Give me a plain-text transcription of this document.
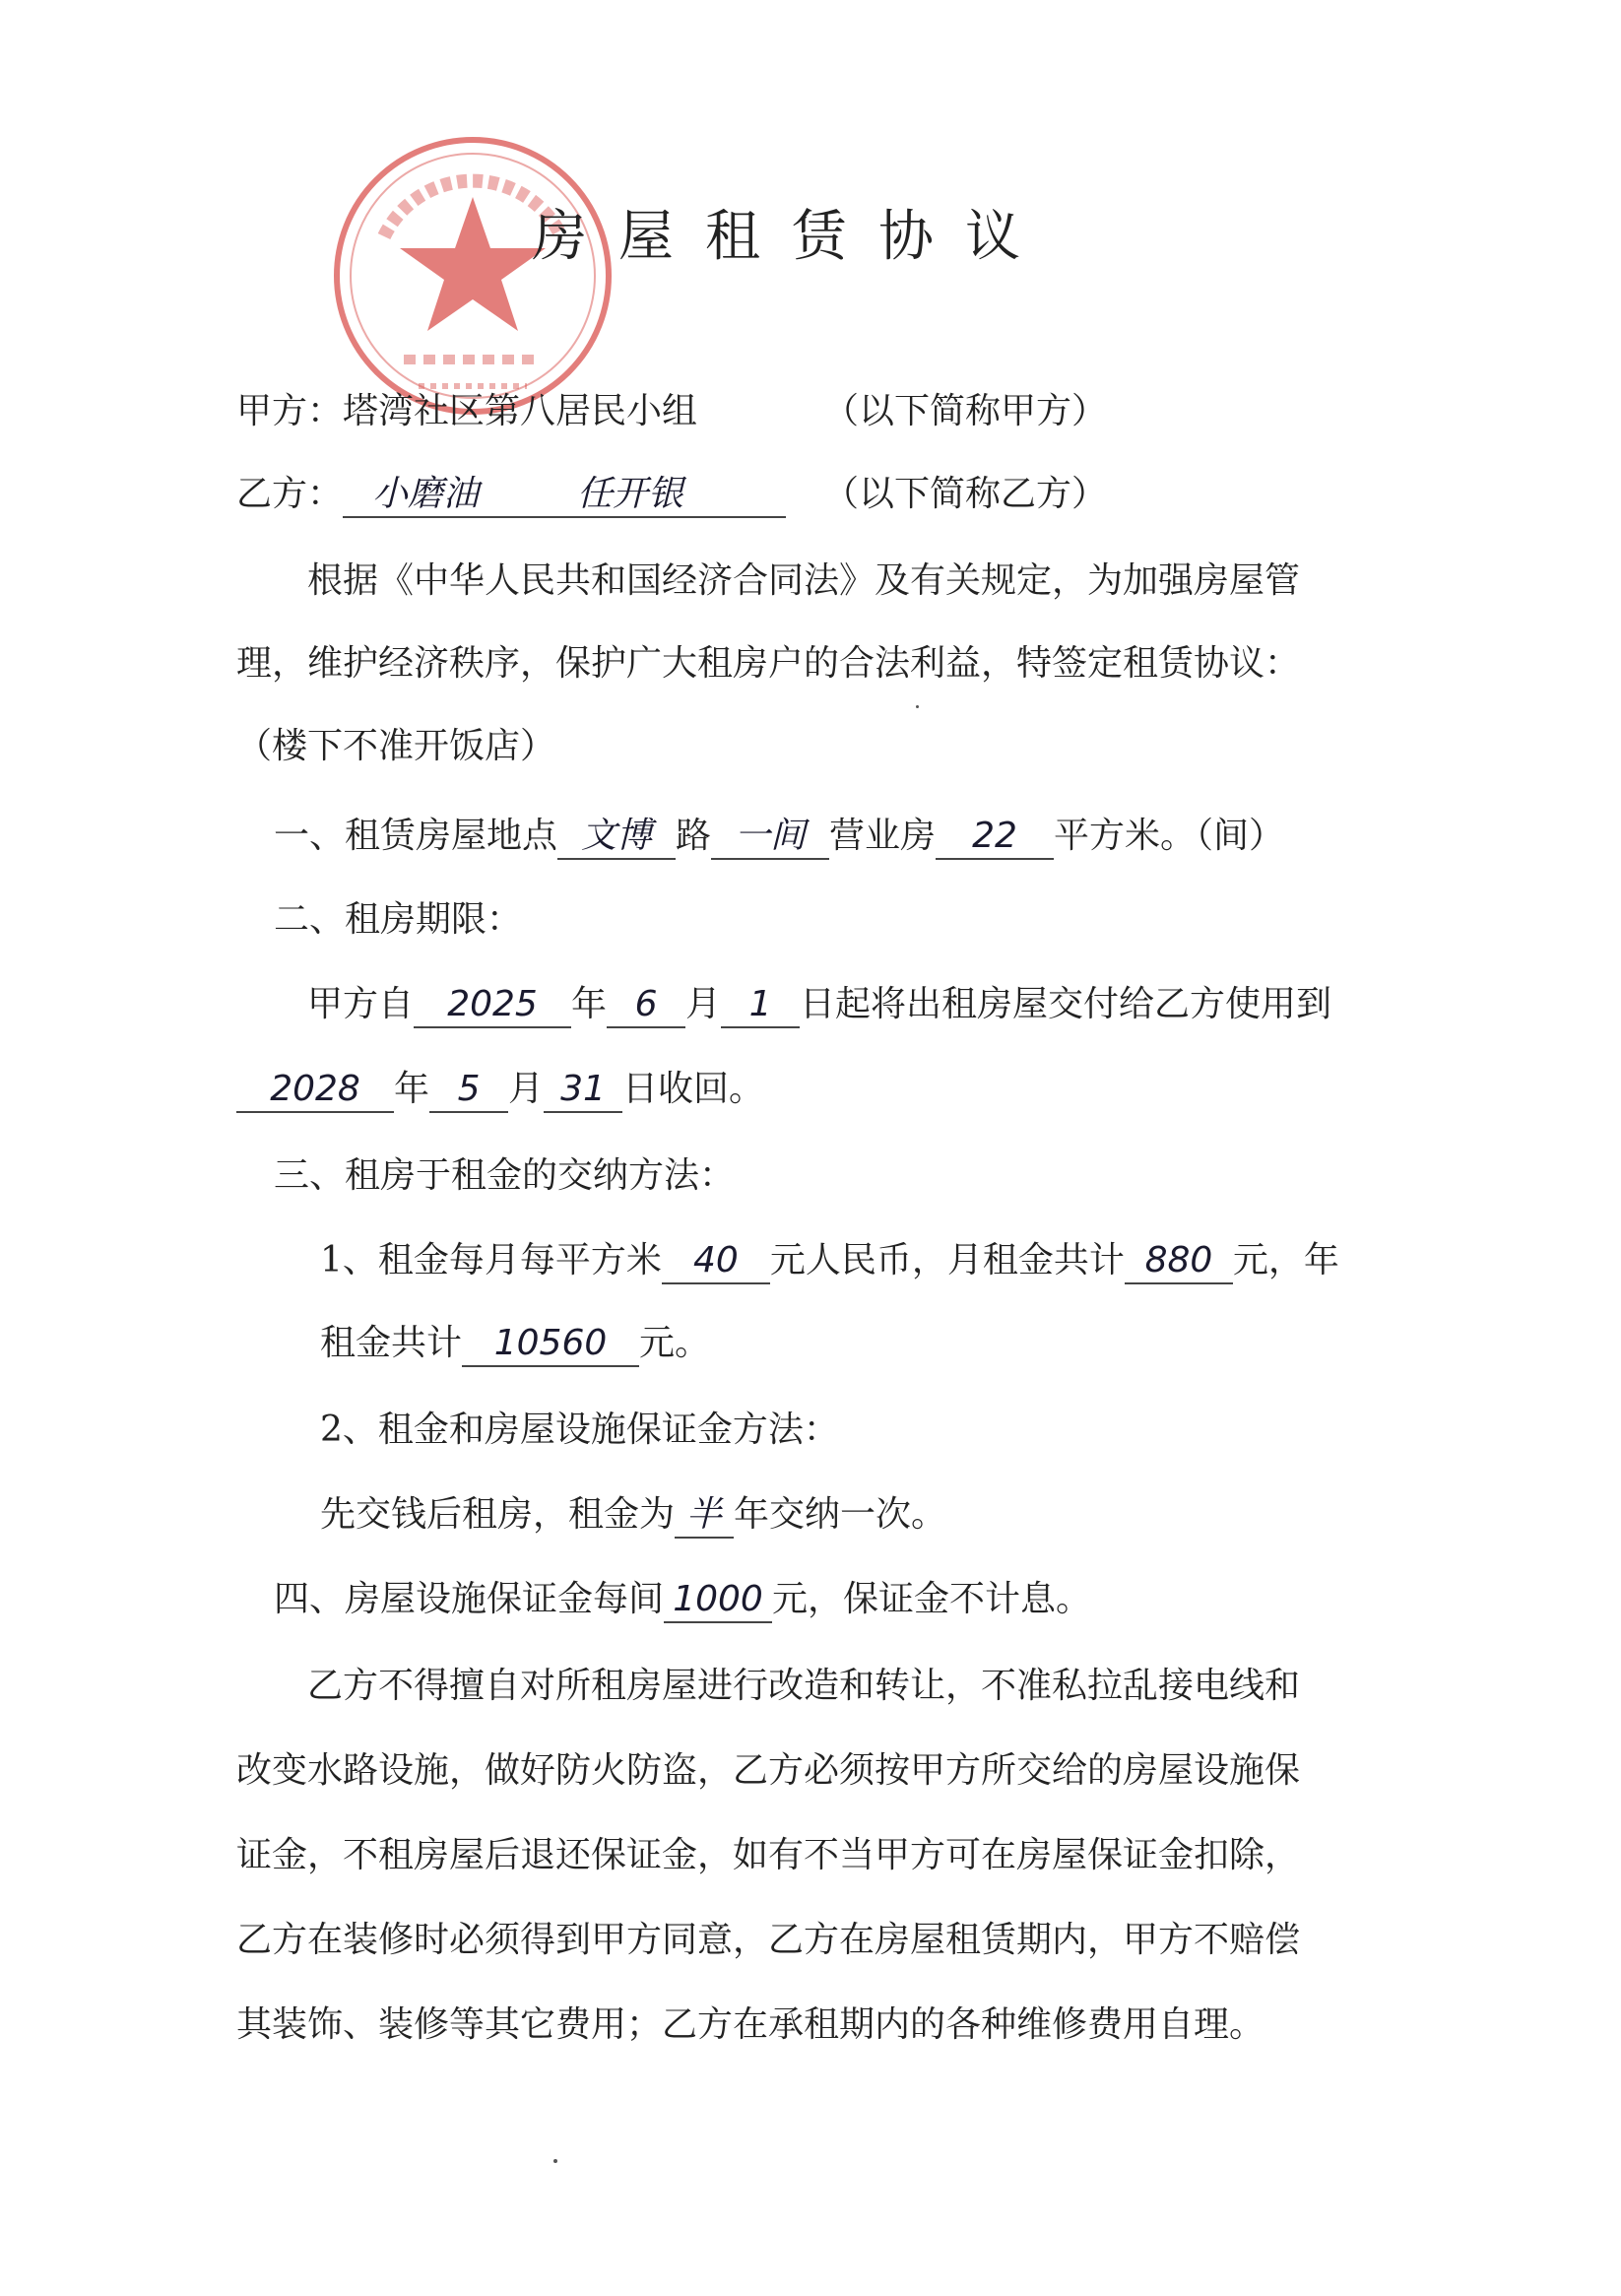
房屋租赁协议
甲方：塔湾社区第八居民小组	（以下简称甲方）
乙方： 小磨油	任开银	（以下简称乙方）
根据《中华人民共和国经济合同法》及有关规定，为加强房屋管
理，维护经济秩序，保护广大租房户的合法利益，特签定租赁协议：
（楼下不准开饭店）
一、租赁房屋地点 文博 路 一间 营业房 22 平方米。（间）
二、租房期限：
甲方自 2025 年 6 月 1 日起将出租房屋交付给乙方使用到
2028 年 5 月 31 日收回。
三、租房于租金的交纳方法：
1、租金每月每平方米 40 元人民币，月租金共计 880 元，年
租金共计 10560 元。
2、租金和房屋设施保证金方法：
先交钱后租房，租金为 半 年交纳一次。
四、房屋设施保证金每间 1000 元，保证金不计息。
乙方不得擅自对所租房屋进行改造和转让，不准私拉乱接电线和
改变水路设施，做好防火防盗，乙方必须按甲方所交给的房屋设施保
证金，不租房屋后退还保证金，如有不当甲方可在房屋保证金扣除，
乙方在装修时必须得到甲方同意，乙方在房屋租赁期内，甲方不赔偿
其装饰、装修等其它费用；乙方在承租期内的各种维修费用自理。
